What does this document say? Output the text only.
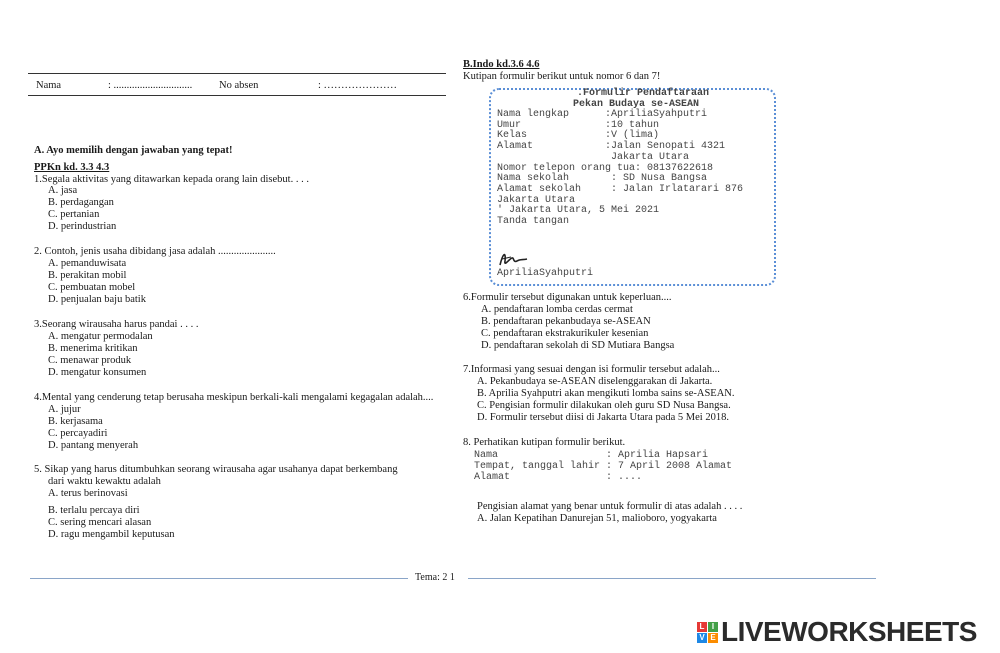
Nama	: ..............................	No absen	: …………………
A. Ayo memilih dengan jawaban yang tepat!
PPKn kd. 3.3 4.3
1.Segala aktivitas yang ditawarkan kepada orang lain disebut. . . .
A. jasa
B. perdagangan
C. pertanian
D. perindustrian
2. Contoh, jenis usaha dibidang jasa adalah ......................
A. pemanduwisata
B. perakitan mobil
C. pembuatan mobel
D. penjualan baju batik
3.Seorang wirausaha harus pandai . . . .
A. mengatur permodalan
B. menerima kritikan
C. menawar produk
D. mengatur konsumen
4.Mental yang cenderung tetap berusaha meskipun berkali-kali mengalami kegagalan adalah....
A. jujur
B. kerjasama
C. percayadiri
D. pantang menyerah
5. Sikap yang harus ditumbuhkan seorang wirausaha agar usahanya dapat berkembang
dari waktu kewaktu adalah
A. terus berinovasi
B. terlalu percaya diri
C. sering mencari alasan
D. ragu mengambil keputusan
B.Indo kd.3.6 4.6
Kutipan formulir berikut untuk nomor 6 dan 7!
.Formulir Pendaftaraan
Pekan Budaya se-ASEAN
Nama lengkap      :ApriliaSyahputri
Umur              :10 tahun
Kelas             :V (lima)
Alamat            :Jalan Senopati 4321
Jakarta Utara
Nomor telepon orang tua: 08137622618
Nama sekolah       : SD Nusa Bangsa
Alamat sekolah     : Jalan Irlatarari 876
Jakarta Utara
' Jakarta Utara, 5 Mei 2021
Tanda tangan
ApriliaSyahputri
6.Formulir tersebut digunakan untuk keperluan....
A. pendaftaran lomba cerdas cermat
B. pendaftaran pekanbudaya se-ASEAN
C. pendaftaran ekstrakurikuler kesenian
D. pendaftaran sekolah di SD Mutiara Bangsa
7.Informasi yang sesuai dengan isi formulir tersebut adalah...
A. Pekanbudaya se-ASEAN diselenggarakan di Jakarta.
B. Aprilia Syahputri akan mengikuti lomba sains se-ASEAN.
C. Pengisian formulir dilakukan oleh guru SD Nusa Bangsa.
D. Formulir tersebut diisi di Jakarta Utara pada 5 Mei 2018.
8. Perhatikan kutipan formulir berikut.
Nama                  : Aprilia Hapsari
Tempat, tanggal lahir : 7 April 2008 Alamat
Alamat                : ....
Pengisian alamat yang benar untuk formulir di atas adalah . . . .
A. Jalan Kepatihan Danurejan 51, malioboro, yogyakarta
Tema: 2 1
L I
V E LIVEWORKSHEETS
